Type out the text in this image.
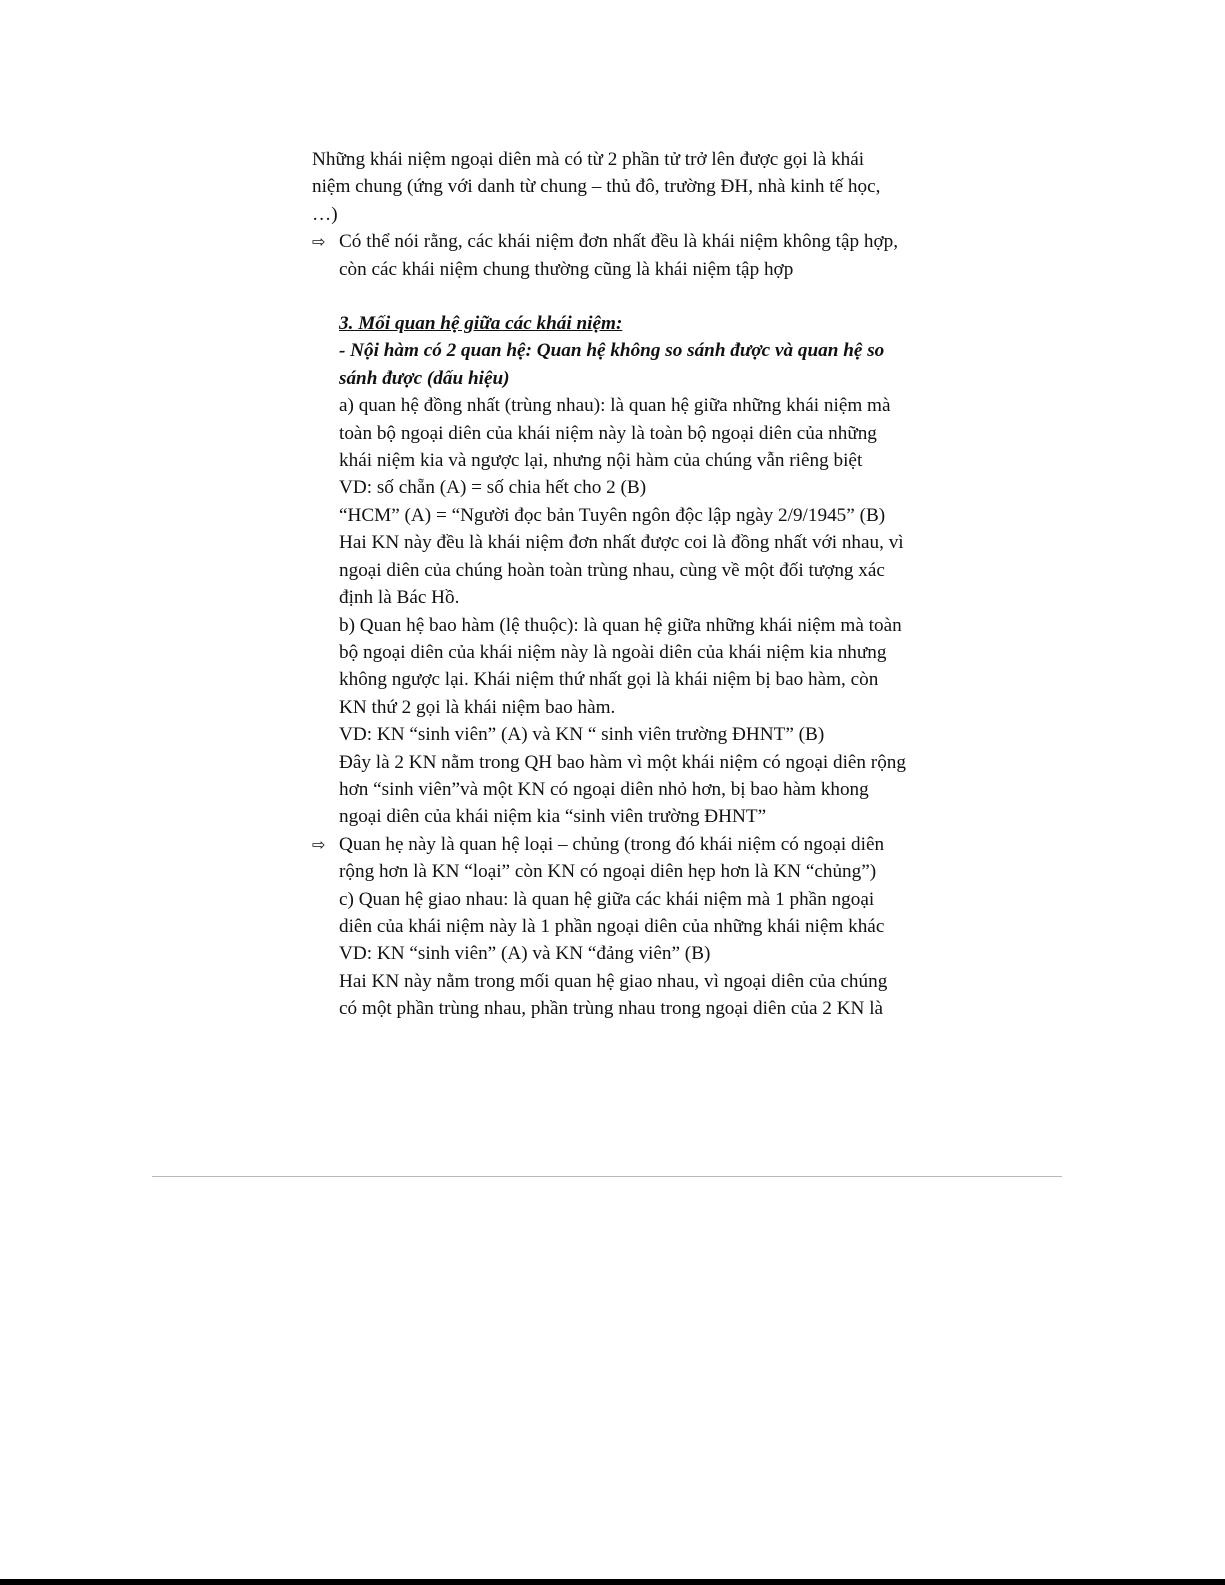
Những khái niệm ngoại diên mà có từ 2 phần tử trở lên được gọi là khái

niệm chung (ứng với danh từ chung – thủ đô, trường ĐH, nhà kinh tế học,

…)

⇨ Có thể nói rằng, các khái niệm đơn nhất đều là khái niệm không tập hợp,

còn các khái niệm chung thường cũng là khái niệm tập hợp

3. Mối quan hệ giữa các khái niệm:

- Nội hàm có 2 quan hệ: Quan hệ không so sánh được và quan hệ so

sánh được (dấu hiệu)

a) quan hệ đồng nhất (trùng nhau): là quan hệ giữa những khái niệm mà

toàn bộ ngoại diên của khái niệm này là toàn bộ ngoại diên của những

khái niệm kia và ngược lại, nhưng nội hàm của chúng vẫn riêng biệt

VD: số chẵn (A) = số chia hết cho 2 (B)

“HCM” (A) = “Người đọc bản Tuyên ngôn độc lập ngày 2/9/1945” (B)

Hai KN này đều là khái niệm đơn nhất được coi là đồng nhất với nhau, vì

ngoại diên của chúng hoàn toàn trùng nhau, cùng về một đối tượng xác

định là Bác Hồ.

b) Quan hệ bao hàm (lệ thuộc): là quan hệ giữa những khái niệm mà toàn

bộ ngoại diên của khái niệm này là ngoài diên của khái niệm kia nhưng

không ngược lại. Khái niệm thứ nhất gọi là khái niệm bị bao hàm, còn

KN thứ 2 gọi là khái niệm bao hàm.

VD: KN “sinh viên” (A) và KN “ sinh viên trường ĐHNT” (B)

Đây là 2 KN nằm trong QH bao hàm vì một khái niệm có ngoại diên rộng

hơn “sinh viên”và một KN có ngoại diên nhỏ hơn, bị bao hàm khong

ngoại diên của khái niệm kia “sinh viên trường ĐHNT”

⇨ Quan hẹ này là quan hệ loại – chủng (trong đó khái niệm có ngoại diên

rộng hơn là KN “loại” còn KN có ngoại diên hẹp hơn là KN “chủng”)

c) Quan hệ giao nhau: là quan hệ giữa các khái niệm mà 1 phần ngoại

diên của khái niệm này là 1 phần ngoại diên của những khái niệm khác

VD: KN “sinh viên” (A) và KN “đảng viên” (B)

Hai KN này nằm trong mối quan hệ giao nhau, vì ngoại diên của chúng

có một phần trùng nhau, phần trùng nhau trong ngoại diên của 2 KN là
